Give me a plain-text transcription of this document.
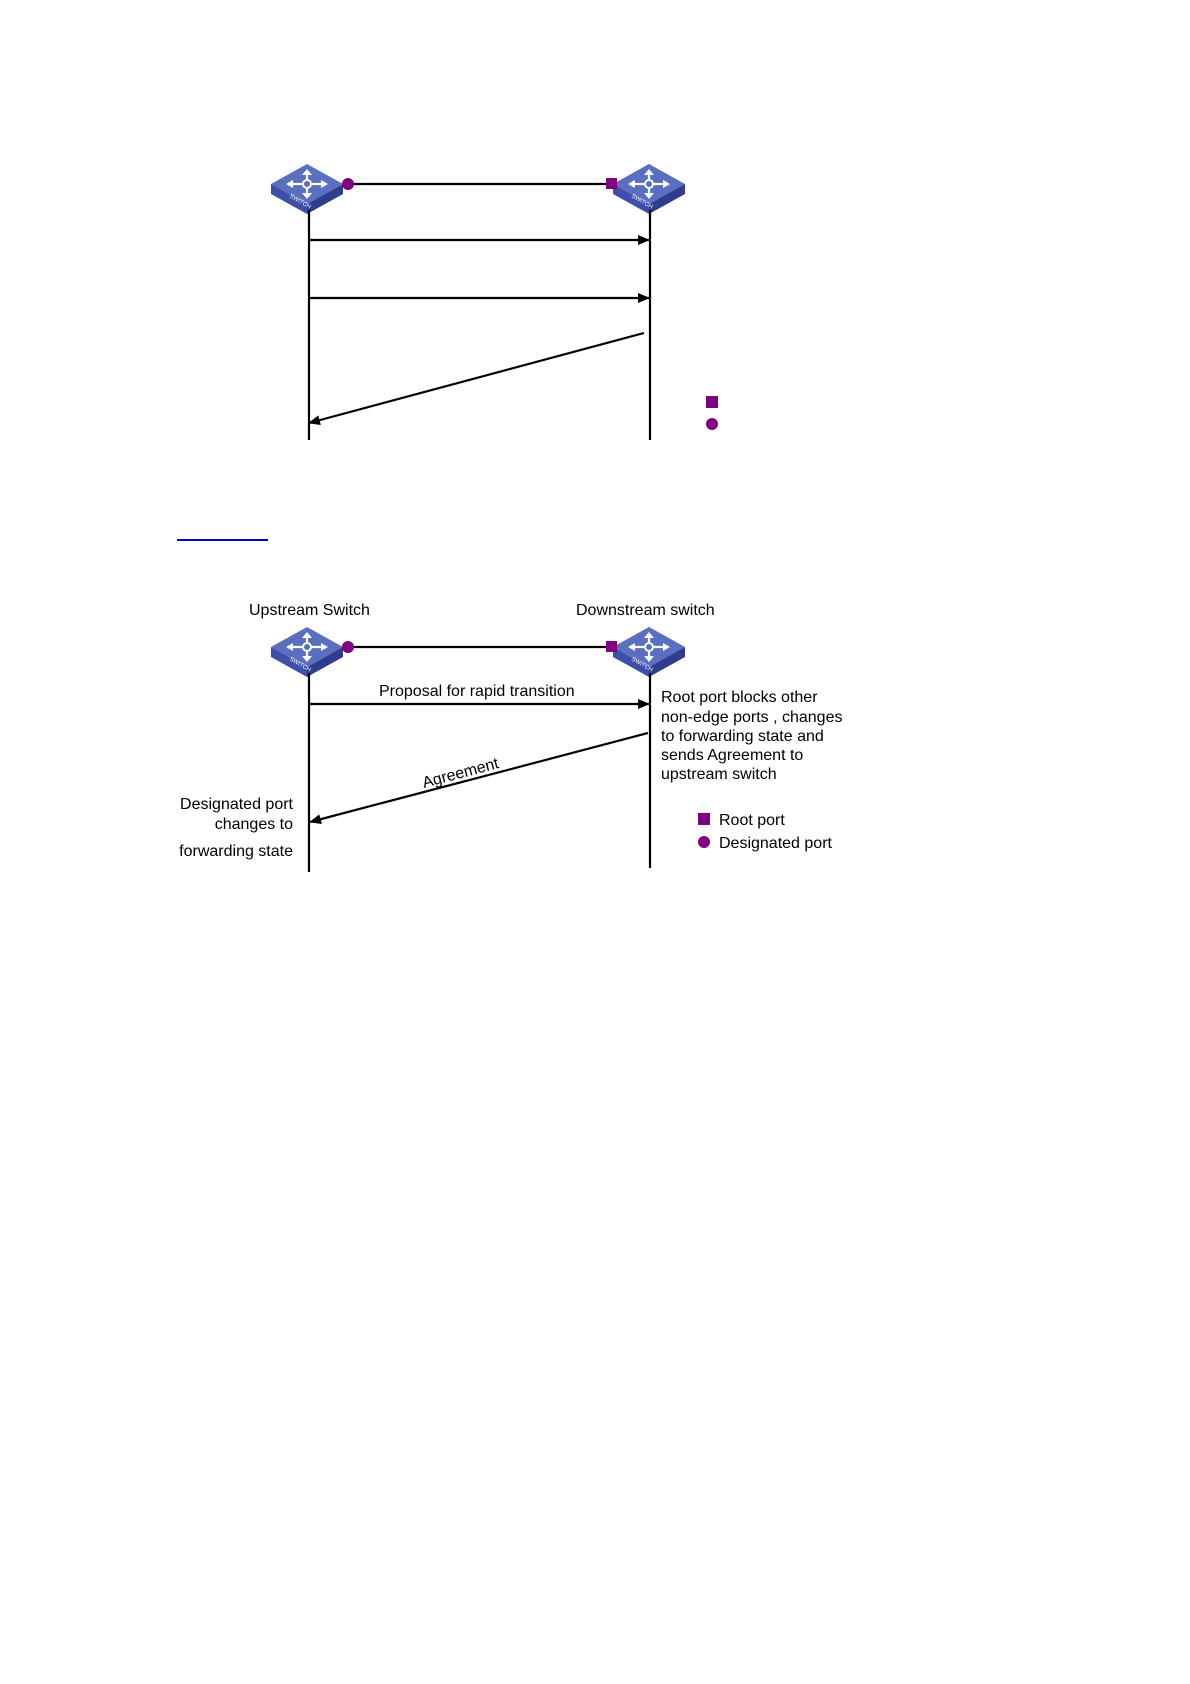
SWITCH	SWITCH
Upstream Switch	Downstream switch
SWITCH	SWITCH
Proposal for rapid transition
Agreement
Root port blocks other
non-edge ports , changes
to forwarding state and
sends Agreement to
upstream switch
Designated port
changes to
forwarding state
Root port
Designated port
